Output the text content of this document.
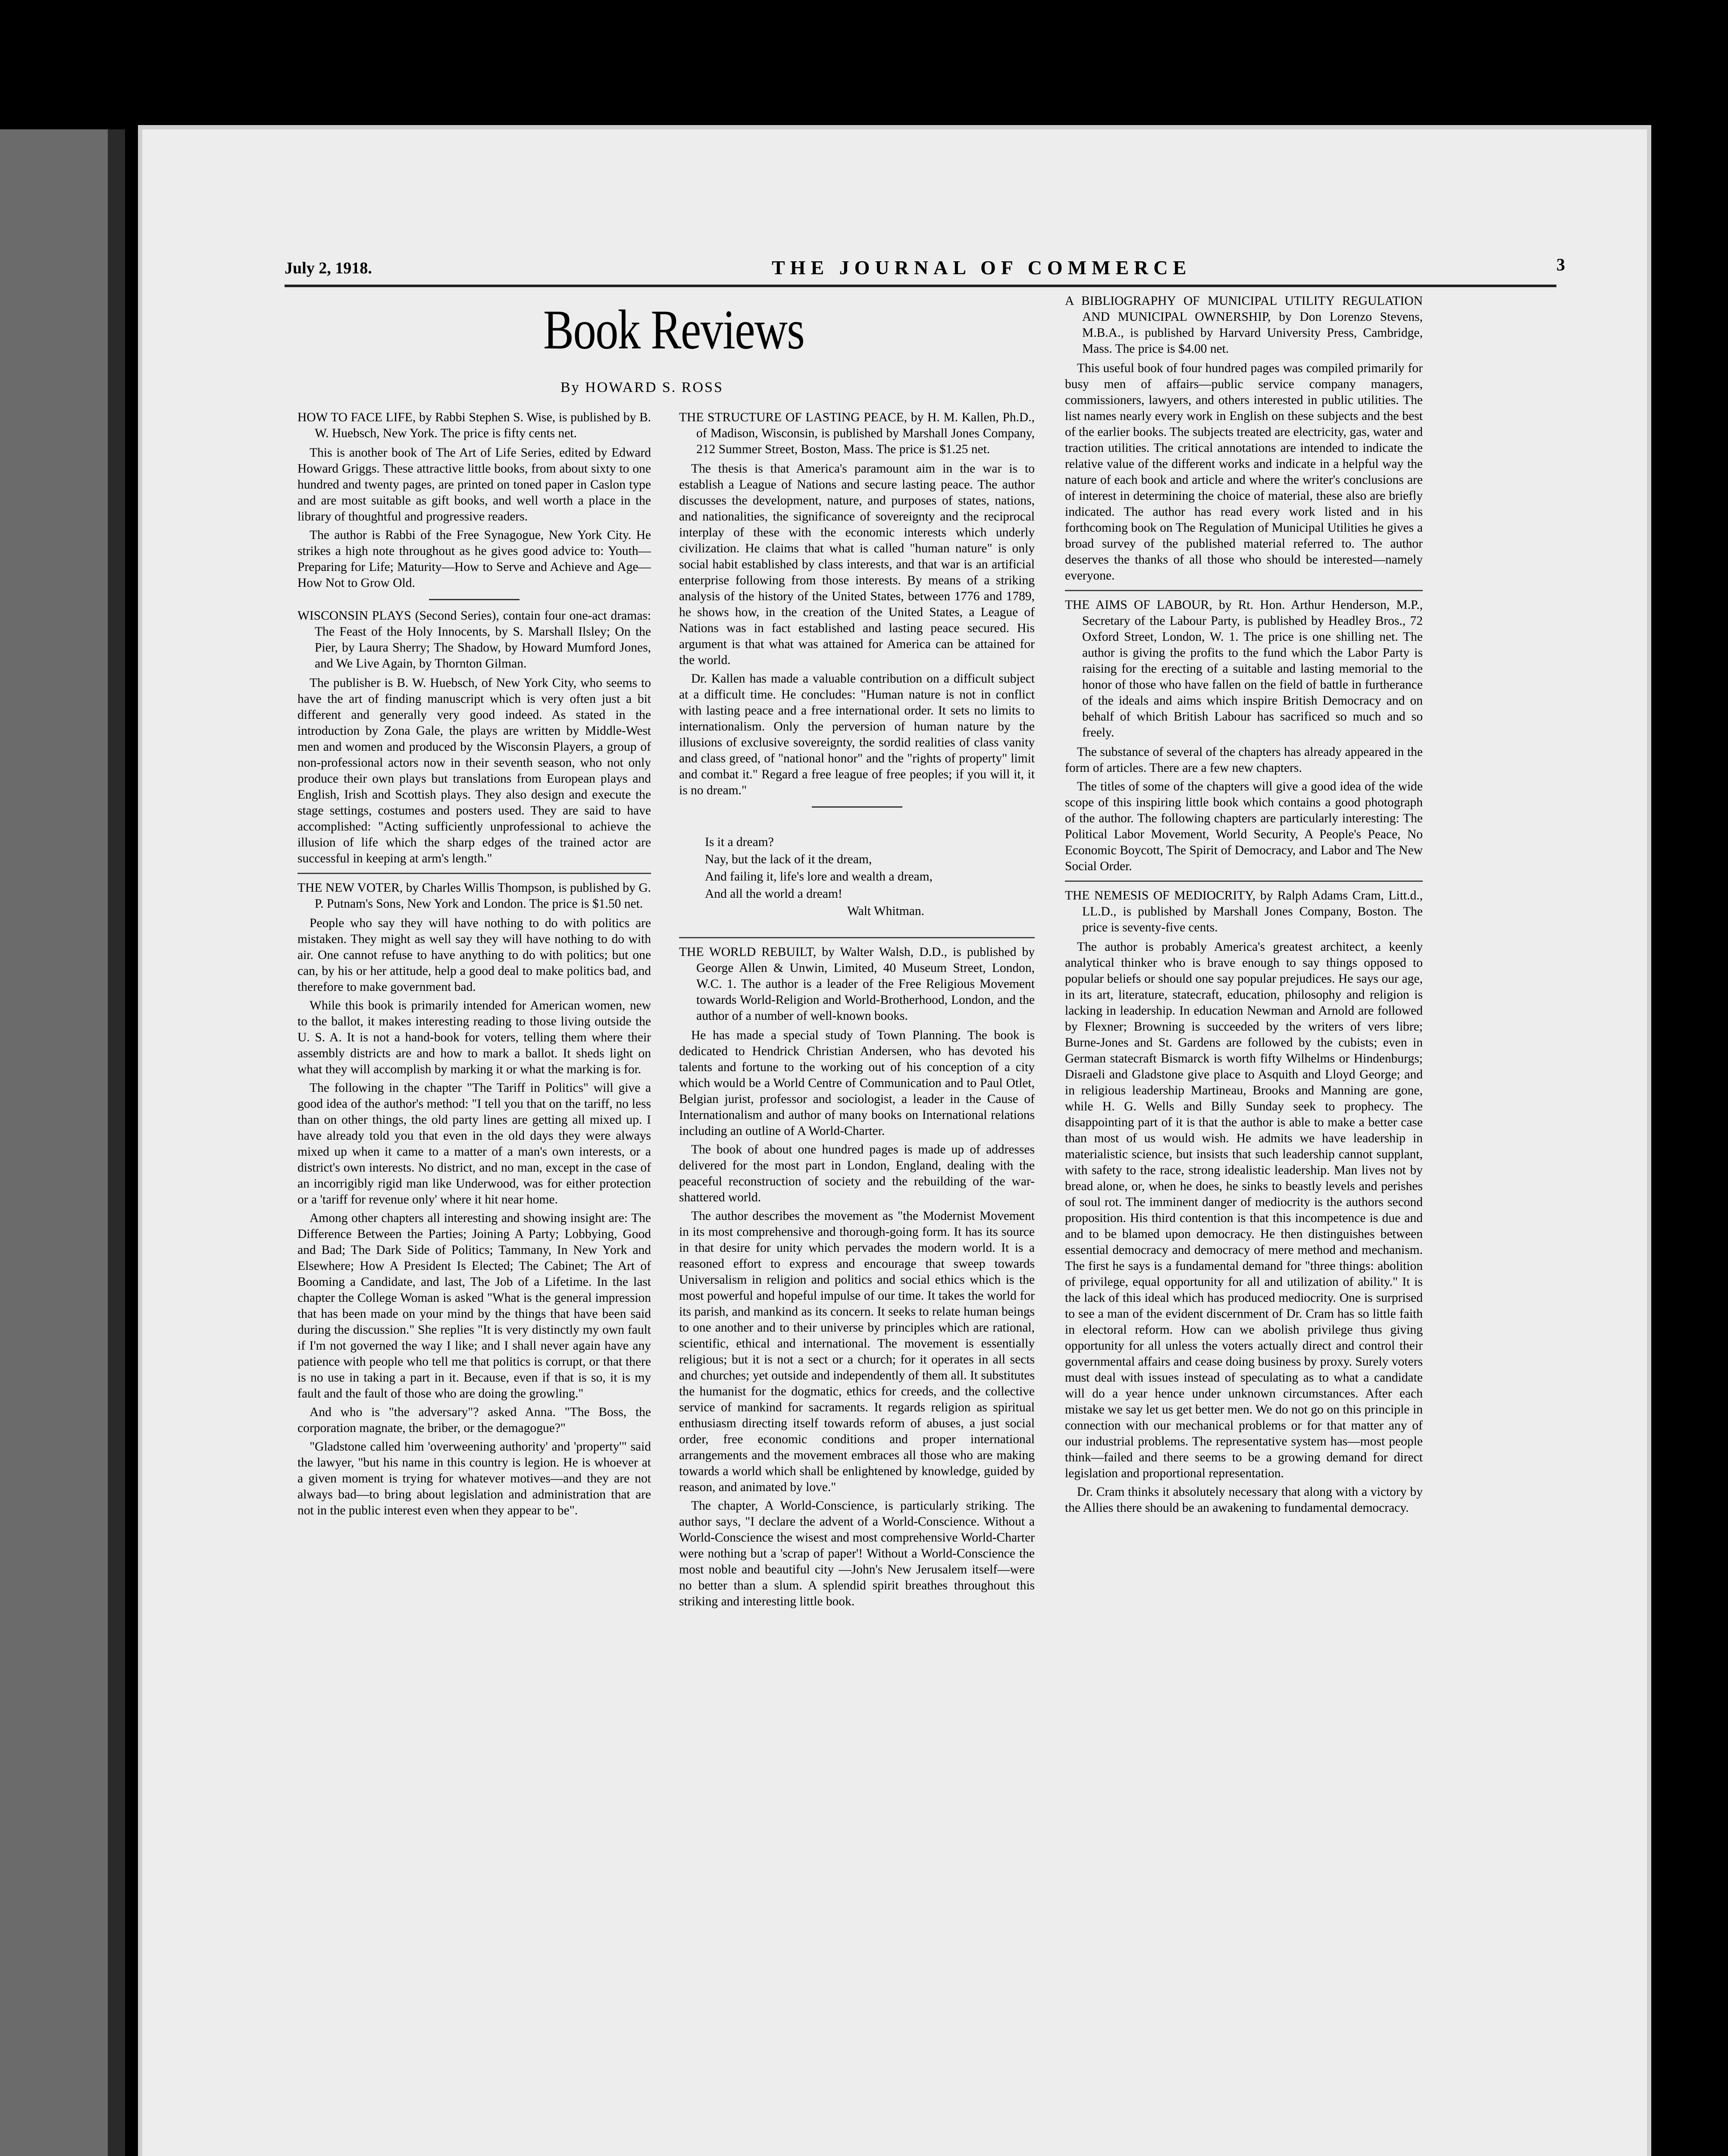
July 2, 1918.	THE JOURNAL OF COMMERCE	3
Book Reviews
By HOWARD S. ROSS

HOW TO FACE LIFE, by Rabbi Stephen S. Wise, is published by B. W. Huebsch, New York. The price is fifty cents net.

This is another book of The Art of Life Series, edited by Edward Howard Griggs. These attractive little books, from about sixty to one hundred and twenty pages, are printed on toned paper in Caslon type and are most suitable as gift books, and well worth a place in the library of thoughtful and progressive readers.

The author is Rabbi of the Free Synagogue, New York City. He strikes a high note throughout as he gives good advice to: Youth—Preparing for Life; Maturity—How to Serve and Achieve and Age—How Not to Grow Old.

WISCONSIN PLAYS (Second Series), contain four one-act dramas: The Feast of the Holy Innocents, by S. Marshall Ilsley; On the Pier, by Laura Sherry; The Shadow, by Howard Mumford Jones, and We Live Again, by Thornton Gilman.

The publisher is B. W. Huebsch, of New York City, who seems to have the art of finding manuscript which is very often just a bit different and generally very good indeed. As stated in the introduction by Zona Gale, the plays are written by Middle-West men and women and produced by the Wisconsin Players, a group of non-professional actors now in their seventh season, who not only produce their own plays but translations from European plays and English, Irish and Scottish plays. They also design and execute the stage settings, costumes and posters used. They are said to have accomplished: "Acting sufficiently unprofessional to achieve the illusion of life which the sharp edges of the trained actor are successful in keeping at arm's length."

THE NEW VOTER, by Charles Willis Thompson, is published by G. P. Putnam's Sons, New York and London. The price is $1.50 net.

People who say they will have nothing to do with politics are mistaken. They might as well say they will have nothing to do with air. One cannot refuse to have anything to do with politics; but one can, by his or her attitude, help a good deal to make politics bad, and therefore to make government bad.

While this book is primarily intended for American women, new to the ballot, it makes interesting reading to those living outside the U. S. A. It is not a hand-book for voters, telling them where their assembly districts are and how to mark a ballot. It sheds light on what they will accomplish by marking it or what the marking is for.

The following in the chapter "The Tariff in Politics" will give a good idea of the author's method: "I tell you that on the tariff, no less than on other things, the old party lines are getting all mixed up. I have already told you that even in the old days they were always mixed up when it came to a matter of a man's own interests, or a district's own interests. No district, and no man, except in the case of an incorrigibly rigid man like Underwood, was for either protection or a 'tariff for revenue only' where it hit near home.

Among other chapters all interesting and showing insight are: The Difference Between the Parties; Joining A Party; Lobbying, Good and Bad; The Dark Side of Politics; Tammany, In New York and Elsewhere; How A President Is Elected; The Cabinet; The Art of Booming a Candidate, and last, The Job of a Lifetime. In the last chapter the College Woman is asked "What is the general impression that has been made on your mind by the things that have been said during the discussion." She replies "It is very distinctly my own fault if I'm not governed the way I like; and I shall never again have any patience with people who tell me that politics is corrupt, or that there is no use in taking a part in it. Because, even if that is so, it is my fault and the fault of those who are doing the growling."

And who is "the adversary"? asked Anna. "The Boss, the corporation magnate, the briber, or the demagogue?"

"Gladstone called him 'overweening authority' and 'property'" said the lawyer, "but his name in this country is legion. He is whoever at a given moment is trying for whatever motives—and they are not always bad—to bring about legislation and administration that are not in the public interest even when they appear to be".

THE STRUCTURE OF LASTING PEACE, by H. M. Kallen, Ph.D., of Madison, Wisconsin, is published by Marshall Jones Company, 212 Summer Street, Boston, Mass. The price is $1.25 net.

The thesis is that America's paramount aim in the war is to establish a League of Nations and secure lasting peace. The author discusses the development, nature, and purposes of states, nations, and nationalities, the significance of sovereignty and the reciprocal interplay of these with the economic interests which underly civilization. He claims that what is called "human nature" is only social habit established by class interests, and that war is an artificial enterprise following from those interests. By means of a striking analysis of the history of the United States, between 1776 and 1789, he shows how, in the creation of the United States, a League of Nations was in fact established and lasting peace secured. His argument is that what was attained for America can be attained for the world.

Dr. Kallen has made a valuable contribution on a difficult subject at a difficult time. He concludes: "Human nature is not in conflict with lasting peace and a free international order. It sets no limits to internationalism. Only the perversion of human nature by the illusions of exclusive sovereignty, the sordid realities of class vanity and class greed, of "national honor" and the "rights of property" limit and combat it." Regard a free league of free peoples; if you will it, it is no dream."

Is it a dream?
Nay, but the lack of it the dream,
And failing it, life's lore and wealth a dream,
And all the world a dream!
Walt Whitman.

THE WORLD REBUILT, by Walter Walsh, D.D., is published by George Allen & Unwin, Limited, 40 Museum Street, London, W.C. 1. The author is a leader of the Free Religious Movement towards World-Religion and World-Brotherhood, London, and the author of a number of well-known books.

He has made a special study of Town Planning. The book is dedicated to Hendrick Christian Andersen, who has devoted his talents and fortune to the working out of his conception of a city which would be a World Centre of Communication and to Paul Otlet, Belgian jurist, professor and sociologist, a leader in the Cause of Internationalism and author of many books on International relations including an outline of A World-Charter.

The book of about one hundred pages is made up of addresses delivered for the most part in London, England, dealing with the peaceful reconstruction of society and the rebuilding of the war-shattered world.

The author describes the movement as "the Modernist Movement in its most comprehensive and thorough-going form. It has its source in that desire for unity which pervades the modern world. It is a reasoned effort to express and encourage that sweep towards Universalism in religion and politics and social ethics which is the most powerful and hopeful impulse of our time. It takes the world for its parish, and mankind as its concern. It seeks to relate human beings to one another and to their universe by principles which are rational, scientific, ethical and international. The movement is essentially religious; but it is not a sect or a church; for it operates in all sects and churches; yet outside and independently of them all. It substitutes the humanist for the dogmatic, ethics for creeds, and the collective service of mankind for sacraments. It regards religion as spiritual enthusiasm directing itself towards reform of abuses, a just social order, free economic conditions and proper international arrangements and the movement embraces all those who are making towards a world which shall be enlightened by knowledge, guided by reason, and animated by love."

The chapter, A World-Conscience, is particularly striking. The author says, "I declare the advent of a World-Conscience. Without a World-Conscience the wisest and most comprehensive World-Charter were nothing but a 'scrap of paper'! Without a World-Conscience the most noble and beautiful city —John's New Jerusalem itself—were no better than a slum. A splendid spirit breathes throughout this striking and interesting little book.

A BIBLIOGRAPHY OF MUNICIPAL UTILITY REGULATION AND MUNICIPAL OWNERSHIP, by Don Lorenzo Stevens, M.B.A., is published by Harvard University Press, Cambridge, Mass. The price is $4.00 net.

This useful book of four hundred pages was compiled primarily for busy men of affairs—public service company managers, commissioners, lawyers, and others interested in public utilities. The list names nearly every work in English on these subjects and the best of the earlier books. The subjects treated are electricity, gas, water and traction utilities. The critical annotations are intended to indicate the relative value of the different works and indicate in a helpful way the nature of each book and article and where the writer's conclusions are of interest in determining the choice of material, these also are briefly indicated. The author has read every work listed and in his forthcoming book on The Regulation of Municipal Utilities he gives a broad survey of the published material referred to. The author deserves the thanks of all those who should be interested—namely everyone.

THE AIMS OF LABOUR, by Rt. Hon. Arthur Henderson, M.P., Secretary of the Labour Party, is published by Headley Bros., 72 Oxford Street, London, W. 1. The price is one shilling net. The author is giving the profits to the fund which the Labor Party is raising for the erecting of a suitable and lasting memorial to the honor of those who have fallen on the field of battle in furtherance of the ideals and aims which inspire British Democracy and on behalf of which British Labour has sacrificed so much and so freely.

The substance of several of the chapters has already appeared in the form of articles. There are a few new chapters.

The titles of some of the chapters will give a good idea of the wide scope of this inspiring little book which contains a good photograph of the author. The following chapters are particularly interesting: The Political Labor Movement, World Security, A People's Peace, No Economic Boycott, The Spirit of Democracy, and Labor and The New Social Order.

THE NEMESIS OF MEDIOCRITY, by Ralph Adams Cram, Litt.d., LL.D., is published by Marshall Jones Company, Boston. The price is seventy-five cents.

The author is probably America's greatest architect, a keenly analytical thinker who is brave enough to say things opposed to popular beliefs or should one say popular prejudices. He says our age, in its art, literature, statecraft, education, philosophy and religion is lacking in leadership. In education Newman and Arnold are followed by Flexner; Browning is succeeded by the writers of vers libre; Burne-Jones and St. Gardens are followed by the cubists; even in German statecraft Bismarck is worth fifty Wilhelms or Hindenburgs; Disraeli and Gladstone give place to Asquith and Lloyd George; and in religious leadership Martineau, Brooks and Manning are gone, while H. G. Wells and Billy Sunday seek to prophecy. The disappointing part of it is that the author is able to make a better case than most of us would wish. He admits we have leadership in materialistic science, but insists that such leadership cannot supplant, with safety to the race, strong idealistic leadership. Man lives not by bread alone, or, when he does, he sinks to beastly levels and perishes of soul rot. The imminent danger of mediocrity is the authors second proposition. His third contention is that this incompetence is due and and to be blamed upon democracy. He then distinguishes between essential democracy and democracy of mere method and mechanism. The first he says is a fundamental demand for "three things: abolition of privilege, equal opportunity for all and utilization of ability." It is the lack of this ideal which has produced mediocrity. One is surprised to see a man of the evident discernment of Dr. Cram has so little faith in electoral reform. How can we abolish privilege thus giving opportunity for all unless the voters actually direct and control their governmental affairs and cease doing business by proxy. Surely voters must deal with issues instead of speculating as to what a candidate will do a year hence under unknown circumstances. After each mistake we say let us get better men. We do not go on this principle in connection with our mechanical problems or for that matter any of our industrial problems. The representative system has—most people think—failed and there seems to be a growing demand for direct legislation and proportional representation.

Dr. Cram thinks it absolutely necessary that along with a victory by the Allies there should be an awakening to fundamental democracy.
